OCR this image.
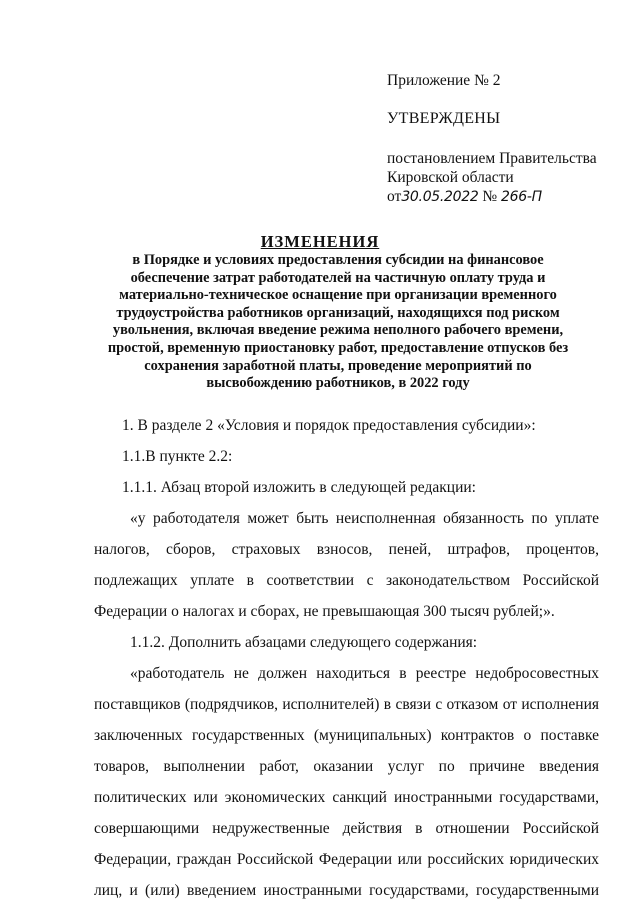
Приложение № 2
УТВЕРЖДЕНЫ
постановлением Правительства
Кировской области
от30.05.2022 № 266-П
ИЗМЕНЕНИЯ
в Порядке и условиях предоставления субсидии на финансовое
обеспечение затрат работодателей на частичную оплату труда и
материально-техническое оснащение при организации временного
трудоустройства работников организаций, находящихся под риском
увольнения, включая введение режима неполного рабочего времени,
простой, временную приостановку работ, предоставление отпусков без
сохранения заработной платы, проведение мероприятий по
высвобождению работников, в 2022 году
1. В разделе 2 «Условия и порядок предоставления субсидии»:
1.1.В пункте 2.2:
1.1.1. Абзац второй изложить в следующей редакции:
«у работодателя может быть неисполненная обязанность по уплате
налогов, сборов, страховых взносов, пеней, штрафов, процентов,
подлежащих уплате в соответствии с законодательством Российской
Федерации о налогах и сборах, не превышающая 300 тысяч рублей;».
1.1.2. Дополнить абзацами следующего содержания:
«работодатель не должен находиться в реестре недобросовестных
поставщиков (подрядчиков, исполнителей) в связи с отказом от исполнения
заключенных государственных (муниципальных) контрактов о поставке
товаров, выполнении работ, оказании услуг по причине введения
политических или экономических санкций иностранными государствами,
совершающими недружественные действия в отношении Российской
Федерации, граждан Российской Федерации или российских юридических
лиц, и (или) введением иностранными государствами, государственными
